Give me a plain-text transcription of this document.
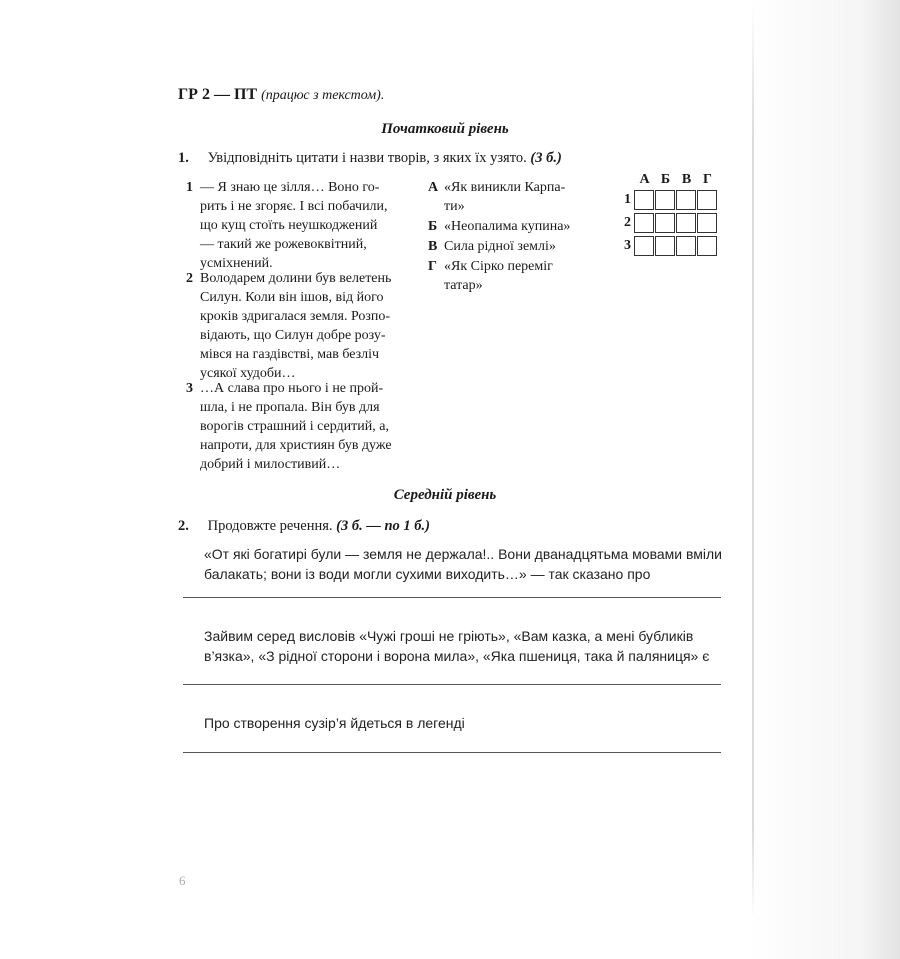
ГР 2 — ПТ (працюс з текстом).
Початковий рівень
1. Увідповідніть цитати і назви творів, з яких їх узято. (3 б.)
1 — Я знаю це зілля… Воно го-
рить і не згоряє. І всі побачили,
що кущ стоїть неушкоджений
— такий же рожевоквітний,
усміхнений.
2 Володарем долини був велетень
Силун. Коли він ішов, від його
кроків здригалася земля. Розпо-
відають, що Силун добре розу-
мівся на газдівстві, мав безліч
усякої худоби…
3 …А слава про нього і не прой-
шла, і не пропала. Він був для
ворогів страшний і сердитий, а,
напроти, для християн був дуже
добрий і милостивий…
А «Як виникли Карпа-
ти»
Б «Неопалима купина»
В Сила рідної землі»
Г «Як Сірко переміг
татар»
А Б В Г
1
2
3
Середній рівень
2. Продовжте речення. (3 б. — по 1 б.)
«От які богатирі були — земля не держала!.. Вони дванадцятьма мовами вміли
балакать; вони із води могли сухими виходить…» — так сказано про
Зайвим серед висловів «Чужі гроші не гріють», «Вам казка, а мені бубликів
в’язка», «З рідної сторони і ворона мила», «Яка пшениця, така й паляниця» є
Про створення сузір’я йдеться в легенді
6
